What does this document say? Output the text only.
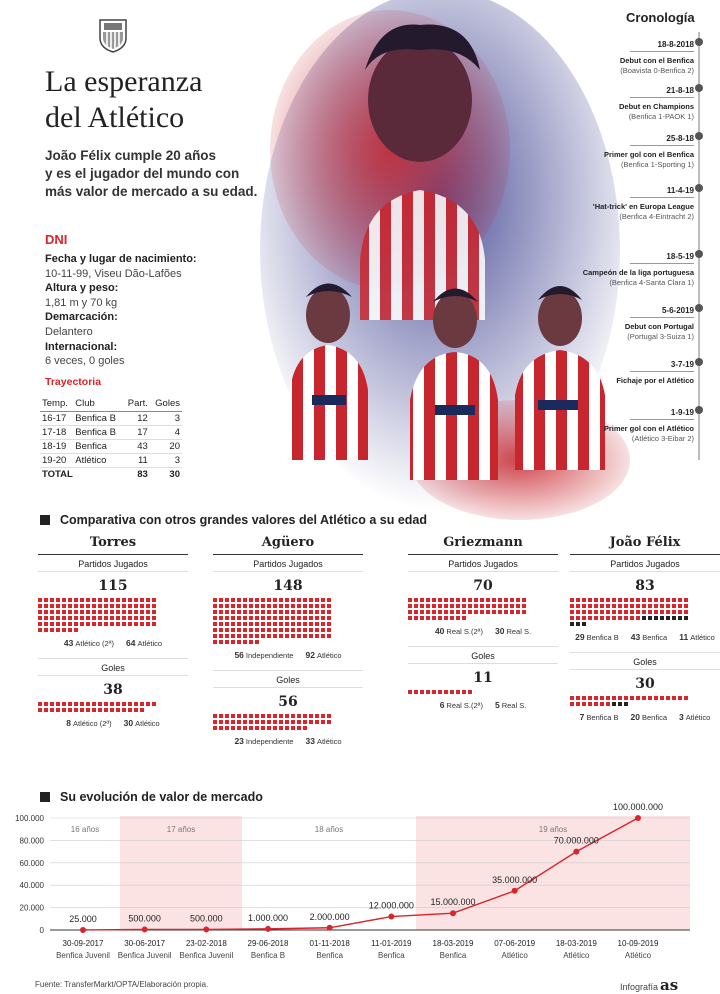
La esperanza
del Atlético
João Félix cumple 20 años
y es el jugador del mundo con
más valor de mercado a su edad.
DNI
Fecha y lugar de nacimiento:
10-11-99, Viseu Dão-Lafões
Altura y peso:
1,81 m y 70 kg
Demarcación:
Delantero
Internacional:
6 veces, 0 goles
Trayectoria
Temp.	Club	Part.	Goles
16-17	Benfica B	12	3
17-18	Benfica B	17	4
18-19	Benfica	43	20
19-20	Atlético	11	3
TOTAL		83	30
Cronología
18-8-2018
Debut con el Benfica
(Boavista 0-Benfica 2)
21-8-18
Debut en Champions
(Benfica 1-PAOK 1)
25-8-18
Primer gol con el Benfica
(Benfica 1-Sporting 1)
11-4-19
'Hat-trick' en Europa League
(Benfica 4-Eintracht 2)
18-5-19
Campeón de la liga portuguesa
(Benfica 4-Santa Clara 1)
5-6-2019
Debut con Portugal
(Portugal 3-Suiza 1)
3-7-19
Fichaje por el Atlético
1-9-19
Primer gol con el Atlético
(Atlético 3-Eibar 2)
Comparativa con otros grandes valores del Atlético a su edad
Torres
Partidos Jugados
115
43 Atlético (2ª) 64 Atlético
Goles
38
8 Atlético (2ª) 30 Atlético
Agüero
Partidos Jugados
148
56 Independiente 92 Atlético
Goles
56
23 Independiente 33 Atlético
Griezmann
Partidos Jugados
70
40 Real S.(2ª) 30 Real S.
Goles
11
6 Real S.(2ª) 5 Real S.
João Félix
Partidos Jugados
83
29 Benfica B 43 Benfica 11 Atlético
Goles
30
7 Benfica B 20 Benfica 3 Atlético
Su evolución de valor de mercado
16 años	17 años	18 años	19 años
100.000
80.000
60.000
40.000
20.000
0
25.000
30-09-2017
Benfica Juvenil
500.000
30-06-2017
Benfica Juvenil
500.000
23-02-2018
Benfica Juvenil
1.000.000
29-06-2018
Benfica B
2.000.000
01-11-2018
Benfica
12.000.000
11-01-2019
Benfica
15.000.000
18-03-2019
Benfica
35.000.000
07-06-2019
Atlético
70.000.000
18-03-2019
Atlético
100.000.000
10-09-2019
Atlético
Fuente: TransferMarkt/OPTA/Elaboración propia.	Infografía as
